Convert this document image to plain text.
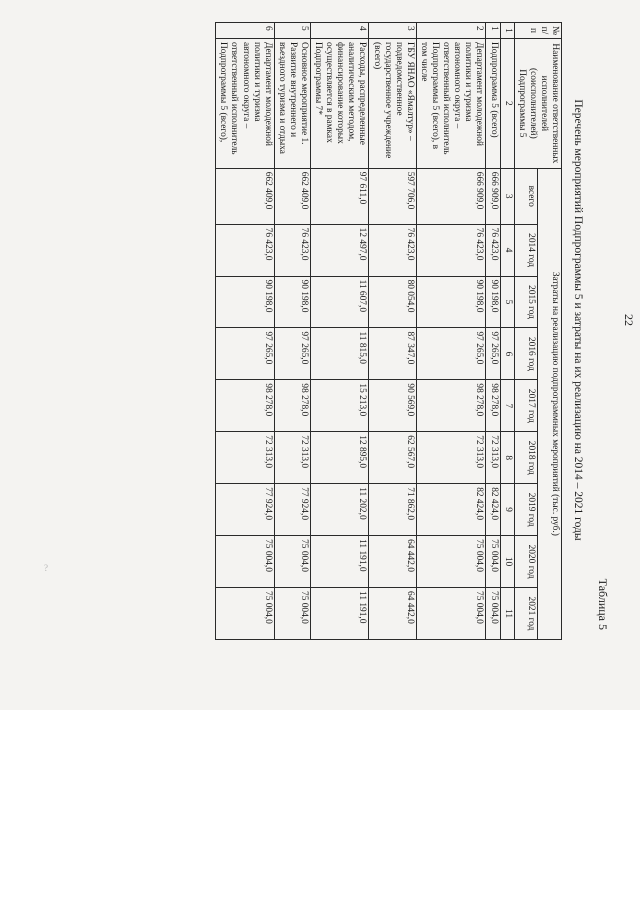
22
Таблица 5
Перечень мероприятий Подпрограммы 5 и затраты на их реализацию на 2014 – 2021 годы
№ п/п	Наименование ответственных исполнителей (соисполнителей) Подпрограммы 5	Затраты на реализацию подпрограммных мероприятий (тыс. руб.)								
		всего	2014 год	2015 год	2016 год	2017 год	2018 год	2019 год	2020 год	2021 год
1	2	3	4	5	6	7	8	9	10	11
1	Подпрограмма 5 (всего)	666 909,0	76 423,0	90 198,0	97 265,0	98 278,0	72 313,0	82 424,0	75 004,0	75 004,0
2	Департамент молодежной политики и туризма автономного округа – ответственный исполнитель Подпрограммы 5 (всего), в том числе	666 909,0	76 423,0	90 198,0	97 265,0	98 278,0	72 313,0	82 424,0	75 004,0	75 004,0
3	ГБУ ЯНАО «Ямалтур» – подведомственное государственное учреждение (всего)	597 706,0	76 423,0	80 054,0	87 347,0	90 569,0	62 567,0	71 862,0	64 442,0	64 442,0
4	Расходы, распределенные аналитическим методом, финансирование которых осуществляется в рамках Подпрограммы 7*	97 611,0	12 497,0	11 607,0	11 815,0	15 213,0	12 895,0	11 202,0	11 191,0	11 191,0
5	Основное мероприятие 1. Развитие внутреннего и въездного туризма и отдыха	662 409,0	76 423,0	90 198,0	97 265,0	98 278,0	72 313,0	77 924,0	75 004,0	75 004,0
6	Департамент молодежной политики и туризма автономного округа – ответственный исполнитель Подпрограммы 5 (всего),	662 409,0	76 423,0	90 198,0	97 265,0	98 278,0	72 313,0	77 924,0	75 004,0	75 004,0
?
